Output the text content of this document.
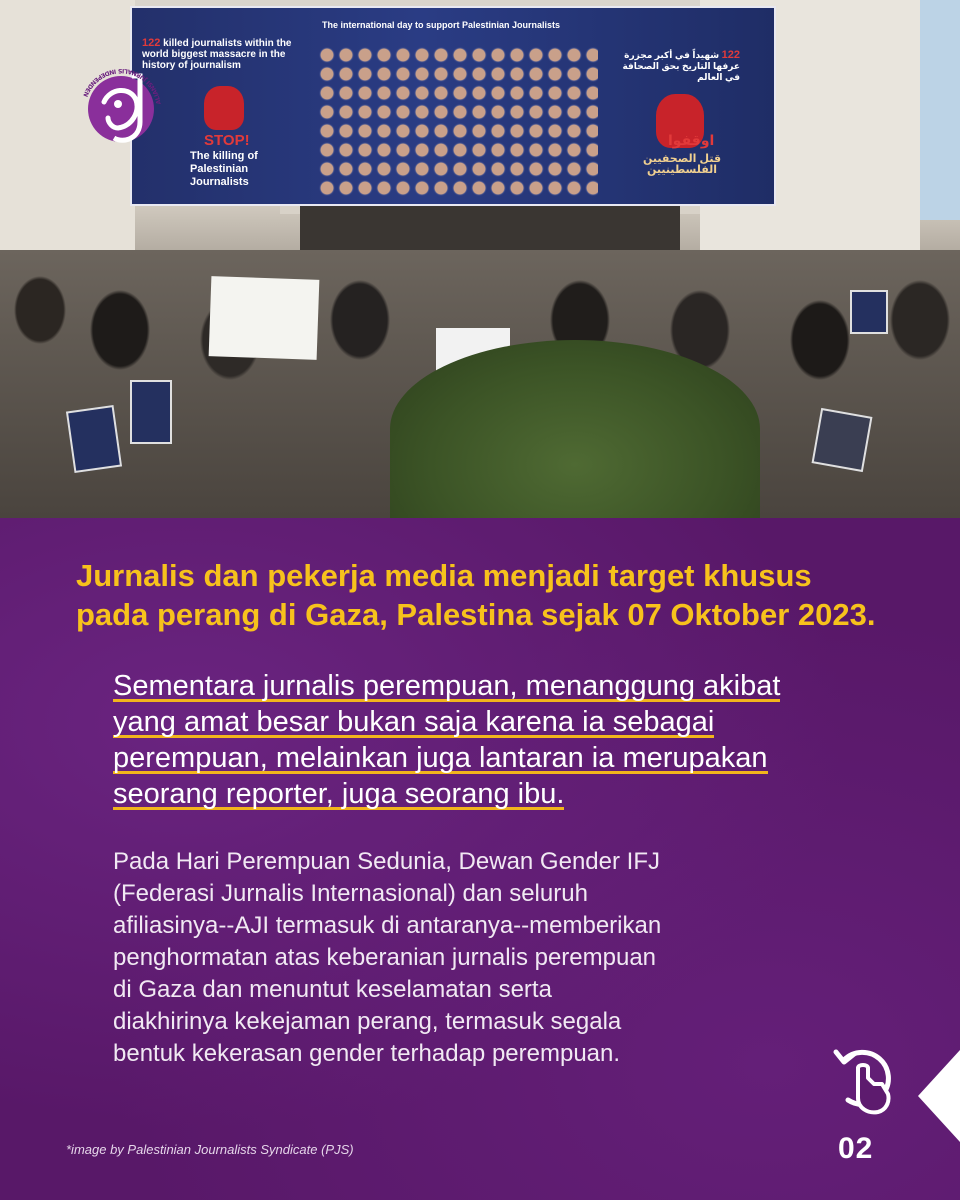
The international day to support Palestinian Journalists
122 killed journalists within the world biggest massacre in the history of journalism
STOP!
The killing of Palestinian Journalists
122 شهيداً في أكبر مجزرة عرفها التاريخ بحق الصحافة في العالم
اوقفوا
قتل الصحفيين الفلسطينيين
ALIANSI JURNALIS INDEPENDEN
Jurnalis dan pekerja media menjadi target khusus
pada perang di Gaza, Palestina sejak 07 Oktober 2023.

Sementara jurnalis perempuan, menanggung akibat
yang amat besar bukan saja karena ia sebagai
perempuan, melainkan juga lantaran ia merupakan
seorang reporter, juga seorang ibu.

Pada Hari Perempuan Sedunia, Dewan Gender IFJ
(Federasi Jurnalis Internasional) dan seluruh
afiliasinya--AJI termasuk di antaranya--memberikan
penghormatan atas keberanian jurnalis perempuan
di Gaza dan menuntut keselamatan serta
diakhirinya kekejaman perang, termasuk segala
bentuk kekerasan gender terhadap perempuan.

*image by Palestinian Journalists Syndicate (PJS)	02
